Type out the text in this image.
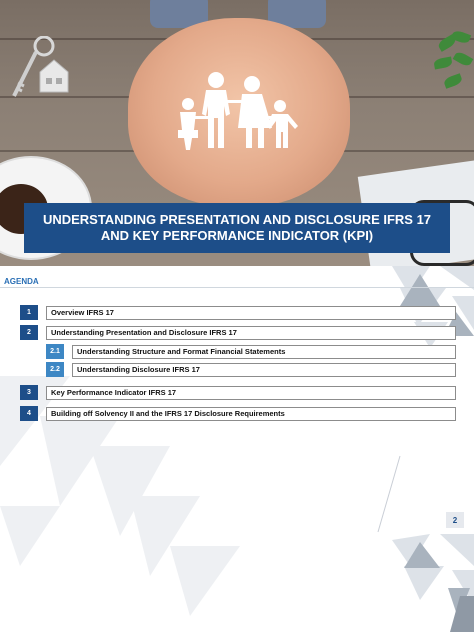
UNDERSTANDING PRESENTATION AND DISCLOSURE IFRS 17 AND KEY PERFORMANCE INDICATOR (KPI)
AGENDA
1	Overview IFRS 17
2	Understanding Presentation and Disclosure IFRS 17
2.1	Understanding Structure and Format Financial Statements
2.2	Understanding Disclosure IFRS 17
3	Key Performance Indicator IFRS 17
4	Building off Solvency II and the IFRS 17 Disclosure Requirements
2
